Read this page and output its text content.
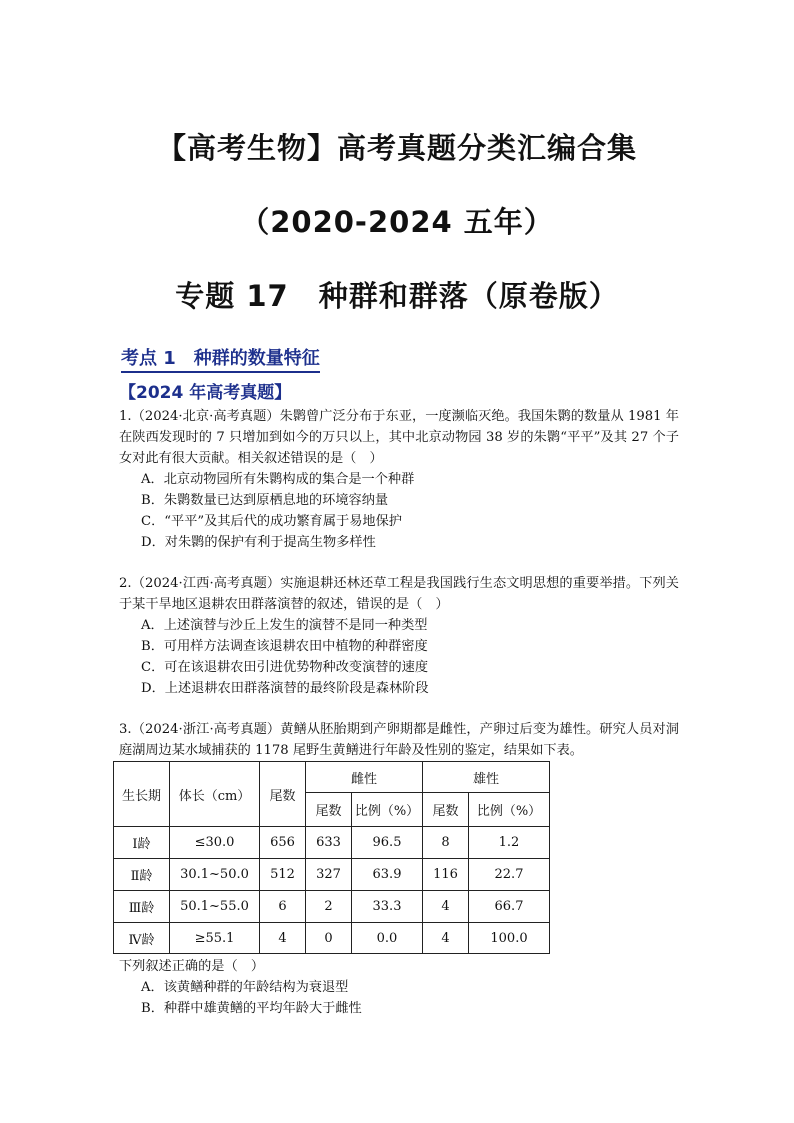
【高考生物】高考真题分类汇编合集
（2020-2024 五年）
专题 17　种群和群落（原卷版）
考点 1　种群的数量特征
【2024 年高考真题】
1.（2024·北京·高考真题）朱鹮曾广泛分布于东亚，一度濒临灭绝。我国朱鹮的数量从 1981 年在陕西发现时的 7 只增加到如今的万只以上，其中北京动物园 38 岁的朱鹮“平平”及其 27 个子女对此有很大贡献。相关叙述错误的是（　）
A．北京动物园所有朱鹮构成的集合是一个种群
B．朱鹮数量已达到原栖息地的环境容纳量
C．“平平”及其后代的成功繁育属于易地保护
D．对朱鹮的保护有利于提高生物多样性
2.（2024·江西·高考真题）实施退耕还林还草工程是我国践行生态文明思想的重要举措。下列关于某干旱地区退耕农田群落演替的叙述，错误的是（　）
A．上述演替与沙丘上发生的演替不是同一种类型
B．可用样方法调查该退耕农田中植物的种群密度
C．可在该退耕农田引进优势物种改变演替的速度
D．上述退耕农田群落演替的最终阶段是森林阶段
3.（2024·浙江·高考真题）黄鳝从胚胎期到产卵期都是雌性，产卵过后变为雄性。研究人员对洞庭湖周边某水域捕获的 1178 尾野生黄鳝进行年龄及性别的鉴定，结果如下表。
生长期	体长（cm）	尾数	雌性		雄性	
			尾数	比例（%）	尾数	比例（%）
Ⅰ龄	≤30.0	656	633	96.5	8	1.2
Ⅱ龄	30.1~50.0	512	327	63.9	116	22.7
Ⅲ龄	50.1~55.0	6	2	33.3	4	66.7
Ⅳ龄	≥55.1	4	0	0.0	4	100.0
下列叙述正确的是（　）
A．该黄鳝种群的年龄结构为衰退型
B．种群中雄黄鳝的平均年龄大于雌性
